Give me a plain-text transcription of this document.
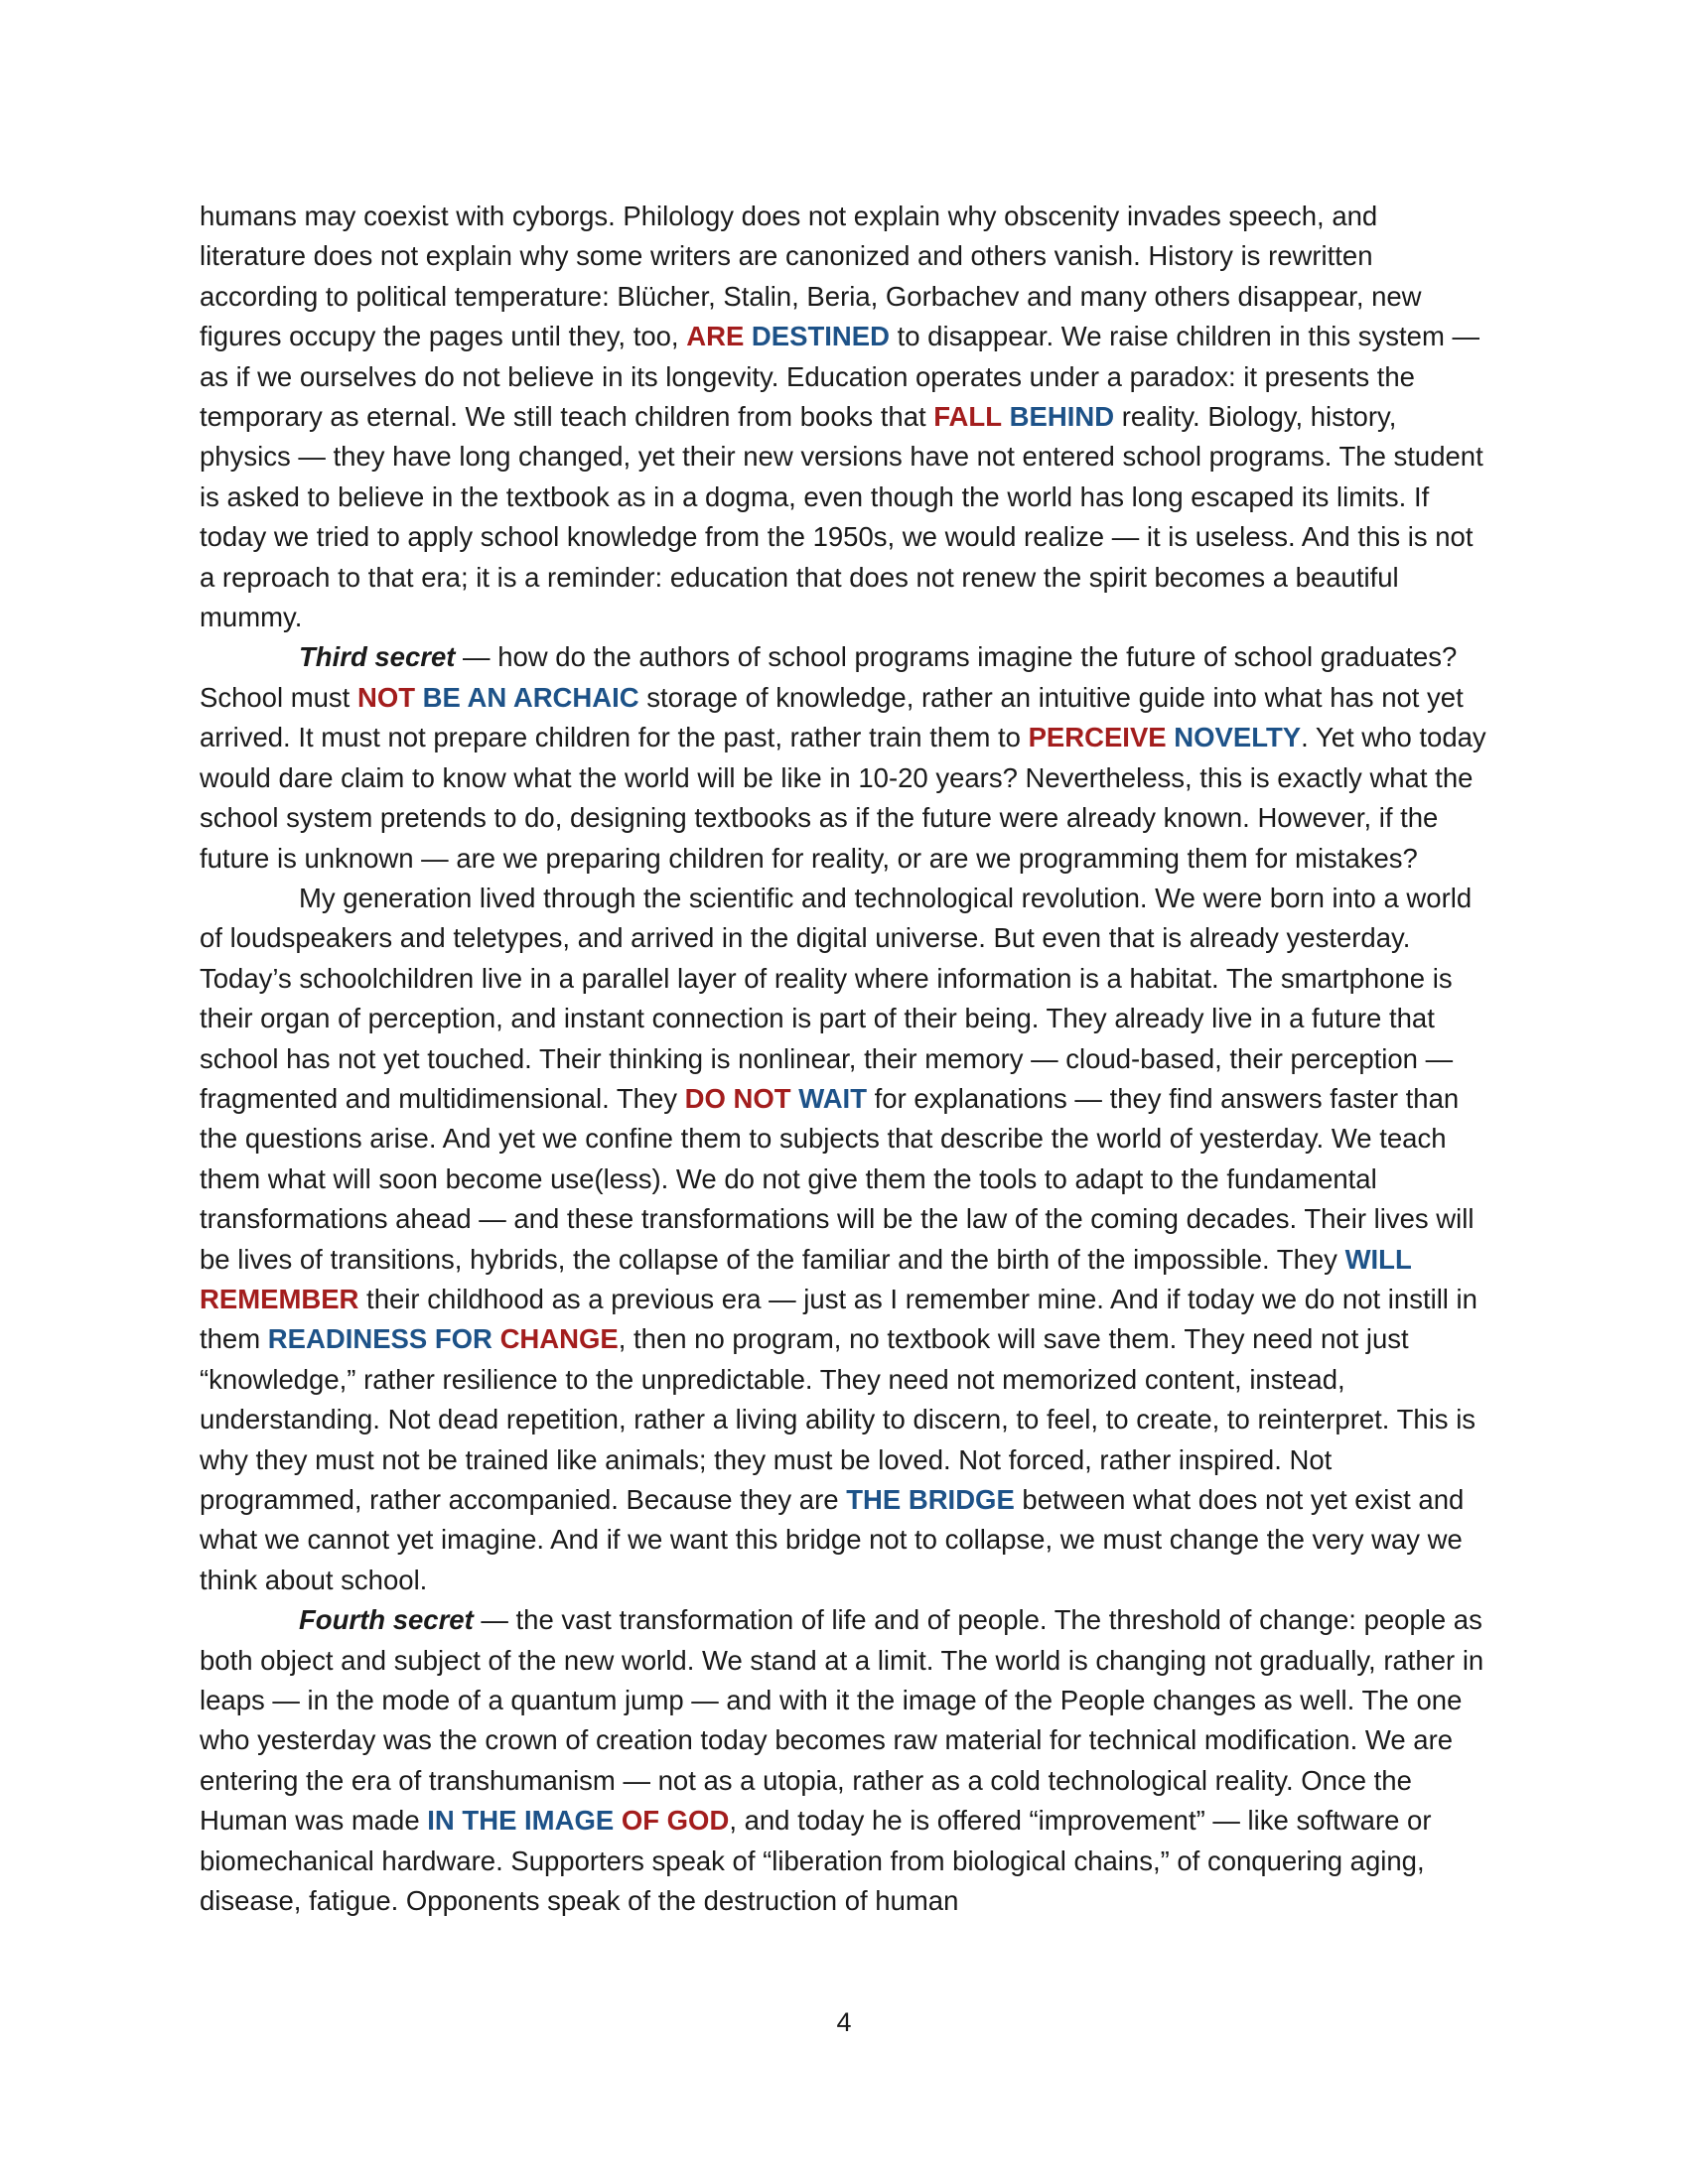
humans may coexist with cyborgs. Philology does not explain why obscenity invades speech, and literature does not explain why some writers are canonized and others vanish. History is rewritten according to political temperature: Blücher, Stalin, Beria, Gorbachev and many others disappear, new figures occupy the pages until they, too, ARE DESTINED to disappear. We raise children in this system — as if we ourselves do not believe in its longevity. Education operates under a paradox: it presents the temporary as eternal. We still teach children from books that FALL BEHIND reality. Biology, history, physics — they have long changed, yet their new versions have not entered school programs. The student is asked to believe in the textbook as in a dogma, even though the world has long escaped its limits. If today we tried to apply school knowledge from the 1950s, we would realize — it is useless. And this is not a reproach to that era; it is a reminder: education that does not renew the spirit becomes a beautiful mummy.

Third secret — how do the authors of school programs imagine the future of school graduates? School must NOT BE AN ARCHAIC storage of knowledge, rather an intuitive guide into what has not yet arrived. It must not prepare children for the past, rather train them to PERCEIVE NOVELTY. Yet who today would dare claim to know what the world will be like in 10-20 years? Nevertheless, this is exactly what the school system pretends to do, designing textbooks as if the future were already known. However, if the future is unknown — are we preparing children for reality, or are we programming them for mistakes?

My generation lived through the scientific and technological revolution. We were born into a world of loudspeakers and teletypes, and arrived in the digital universe. But even that is already yesterday. Today’s schoolchildren live in a parallel layer of reality where information is a habitat. The smartphone is their organ of perception, and instant connection is part of their being. They already live in a future that school has not yet touched. Their thinking is nonlinear, their memory — cloud-based, their perception — fragmented and multidimensional. They DO NOT WAIT for explanations — they find answers faster than the questions arise. And yet we confine them to subjects that describe the world of yesterday. We teach them what will soon become use(less). We do not give them the tools to adapt to the fundamental transformations ahead — and these transformations will be the law of the coming decades. Their lives will be lives of transitions, hybrids, the collapse of the familiar and the birth of the impossible. They WILL REMEMBER their childhood as a previous era — just as I remember mine. And if today we do not instill in them READINESS FOR CHANGE, then no program, no textbook will save them. They need not just “knowledge,” rather resilience to the unpredictable. They need not memorized content, instead, understanding. Not dead repetition, rather a living ability to discern, to feel, to create, to reinterpret. This is why they must not be trained like animals; they must be loved. Not forced, rather inspired. Not programmed, rather accompanied. Because they are THE BRIDGE between what does not yet exist and what we cannot yet imagine. And if we want this bridge not to collapse, we must change the very way we think about school.

Fourth secret — the vast transformation of life and of people. The threshold of change: people as both object and subject of the new world. We stand at a limit. The world is changing not gradually, rather in leaps — in the mode of a quantum jump — and with it the image of the People changes as well. The one who yesterday was the crown of creation today becomes raw material for technical modification. We are entering the era of transhumanism — not as a utopia, rather as a cold technological reality. Once the Human was made IN THE IMAGE OF GOD, and today he is offered “improvement” — like software or biomechanical hardware. Supporters speak of “liberation from biological chains,” of conquering aging, disease, fatigue. Opponents speak of the destruction of human

4
